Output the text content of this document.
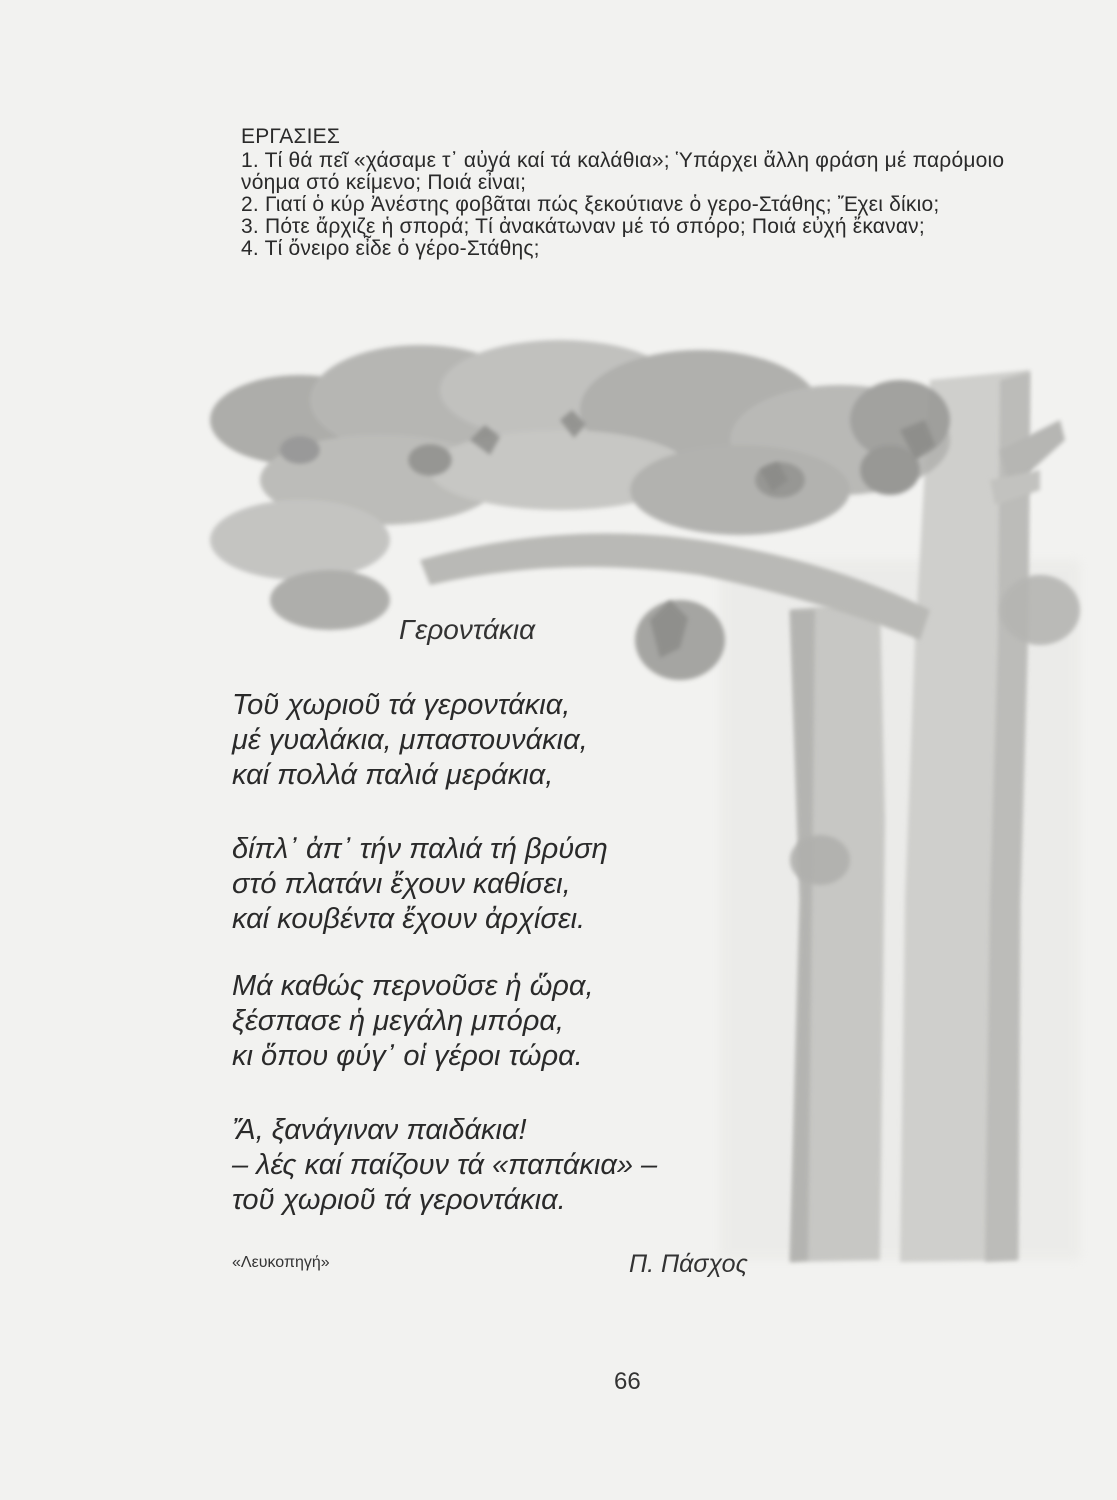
ΕΡΓΑΣΙΕΣ
1. Τί θά πεῖ «χάσαμε τ᾽ αὐγά καί τά καλάθια»; Ὑπάρχει ἄλλη φράση μέ παρόμοιο νόημα στό κείμενο; Ποιά εἶναι;
2. Γιατί ὁ κύρ Ἀνέστης φοβᾶται πώς ξεκούτιανε ὁ γερο-Στάθης; Ἔχει δίκιο;
3. Πότε ἄρχιζε ἡ σπορά; Τί ἀνακάτωναν μέ τό σπόρο; Ποιά εὐχή ἔκαναν;
4. Τί ὄνειρο εἶδε ὁ γέρο-Στάθης;
Γεροντάκια
Τοῦ χωριοῦ τά γεροντάκια,
μέ γυαλάκια, μπαστουνάκια,
καί πολλά παλιά μεράκια,
δίπλ᾽ ἀπ᾽ τήν παλιά τή βρύση
στό πλατάνι ἔχουν καθίσει,
καί κουβέντα ἔχουν ἀρχίσει.
Μά καθώς περνοῦσε ἡ ὥρα,
ξέσπασε ἡ μεγάλη μπόρα,
κι ὅπου φύγ᾽ οἱ γέροι τώρα.
Ἄ, ξανάγιναν παιδάκια!
– λές καί παίζουν τά «παπάκια» –
τοῦ χωριοῦ τά γεροντάκια.
«Λευκοπηγή»	Π. Πάσχος
66
